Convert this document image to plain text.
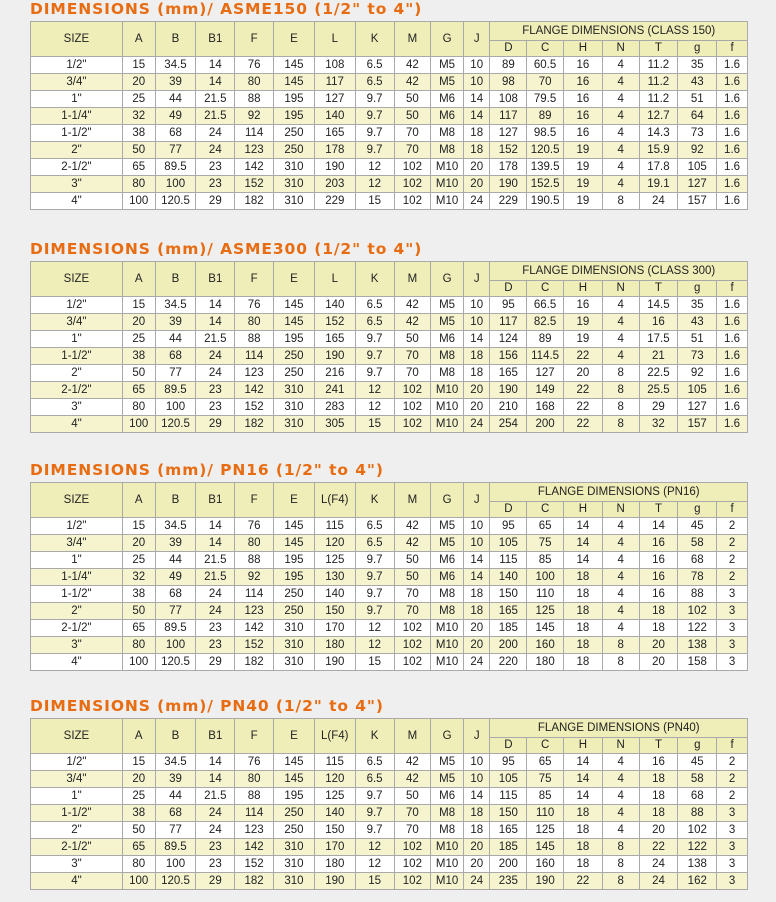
DIMENSIONS (mm)/ ASME150 (1/2" to 4")
SIZE	A	B	B1	F	E	L	K	M	G	J	FLANGE DIMENSIONS (CLASS 150)						
											D	C	H	N	T	g	f
1/2"	15	34.5	14	76	145	108	6.5	42	M5	10	89	60.5	16	4	11.2	35	1.6
3/4"	20	39	14	80	145	117	6.5	42	M5	10	98	70	16	4	11.2	43	1.6
1"	25	44	21.5	88	195	127	9.7	50	M6	14	108	79.5	16	4	11.2	51	1.6
1-1/4"	32	49	21.5	92	195	140	9.7	50	M6	14	117	89	16	4	12.7	64	1.6
1-1/2"	38	68	24	114	250	165	9.7	70	M8	18	127	98.5	16	4	14.3	73	1.6
2"	50	77	24	123	250	178	9.7	70	M8	18	152	120.5	19	4	15.9	92	1.6
2-1/2"	65	89.5	23	142	310	190	12	102	M10	20	178	139.5	19	4	17.8	105	1.6
3"	80	100	23	152	310	203	12	102	M10	20	190	152.5	19	4	19.1	127	1.6
4"	100	120.5	29	182	310	229	15	102	M10	24	229	190.5	19	8	24	157	1.6
DIMENSIONS (mm)/ ASME300 (1/2" to 4")
SIZE	A	B	B1	F	E	L	K	M	G	J	FLANGE DIMENSIONS (CLASS 300)						
											D	C	H	N	T	g	f
1/2"	15	34.5	14	76	145	140	6.5	42	M5	10	95	66.5	16	4	14.5	35	1.6
3/4"	20	39	14	80	145	152	6.5	42	M5	10	117	82.5	19	4	16	43	1.6
1"	25	44	21.5	88	195	165	9.7	50	M6	14	124	89	19	4	17.5	51	1.6
1-1/2"	38	68	24	114	250	190	9.7	70	M8	18	156	114.5	22	4	21	73	1.6
2"	50	77	24	123	250	216	9.7	70	M8	18	165	127	20	8	22.5	92	1.6
2-1/2"	65	89.5	23	142	310	241	12	102	M10	20	190	149	22	8	25.5	105	1.6
3"	80	100	23	152	310	283	12	102	M10	20	210	168	22	8	29	127	1.6
4"	100	120.5	29	182	310	305	15	102	M10	24	254	200	22	8	32	157	1.6
DIMENSIONS (mm)/ PN16 (1/2" to 4")
SIZE	A	B	B1	F	E	L(F4)	K	M	G	J	FLANGE DIMENSIONS (PN16)						
											D	C	H	N	T	g	f
1/2"	15	34.5	14	76	145	115	6.5	42	M5	10	95	65	14	4	14	45	2
3/4"	20	39	14	80	145	120	6.5	42	M5	10	105	75	14	4	16	58	2
1"	25	44	21.5	88	195	125	9.7	50	M6	14	115	85	14	4	16	68	2
1-1/4"	32	49	21.5	92	195	130	9.7	50	M6	14	140	100	18	4	16	78	2
1-1/2"	38	68	24	114	250	140	9.7	70	M8	18	150	110	18	4	16	88	3
2"	50	77	24	123	250	150	9.7	70	M8	18	165	125	18	4	18	102	3
2-1/2"	65	89.5	23	142	310	170	12	102	M10	20	185	145	18	4	18	122	3
3"	80	100	23	152	310	180	12	102	M10	20	200	160	18	8	20	138	3
4"	100	120.5	29	182	310	190	15	102	M10	24	220	180	18	8	20	158	3
DIMENSIONS (mm)/ PN40 (1/2" to 4")
SIZE	A	B	B1	F	E	L(F4)	K	M	G	J	FLANGE DIMENSIONS (PN40)						
											D	C	H	N	T	g	f
1/2"	15	34.5	14	76	145	115	6.5	42	M5	10	95	65	14	4	16	45	2
3/4"	20	39	14	80	145	120	6.5	42	M5	10	105	75	14	4	18	58	2
1"	25	44	21.5	88	195	125	9.7	50	M6	14	115	85	14	4	18	68	2
1-1/2"	38	68	24	114	250	140	9.7	70	M8	18	150	110	18	4	18	88	3
2"	50	77	24	123	250	150	9.7	70	M8	18	165	125	18	4	20	102	3
2-1/2"	65	89.5	23	142	310	170	12	102	M10	20	185	145	18	8	22	122	3
3"	80	100	23	152	310	180	12	102	M10	20	200	160	18	8	24	138	3
4"	100	120.5	29	182	310	190	15	102	M10	24	235	190	22	8	24	162	3
